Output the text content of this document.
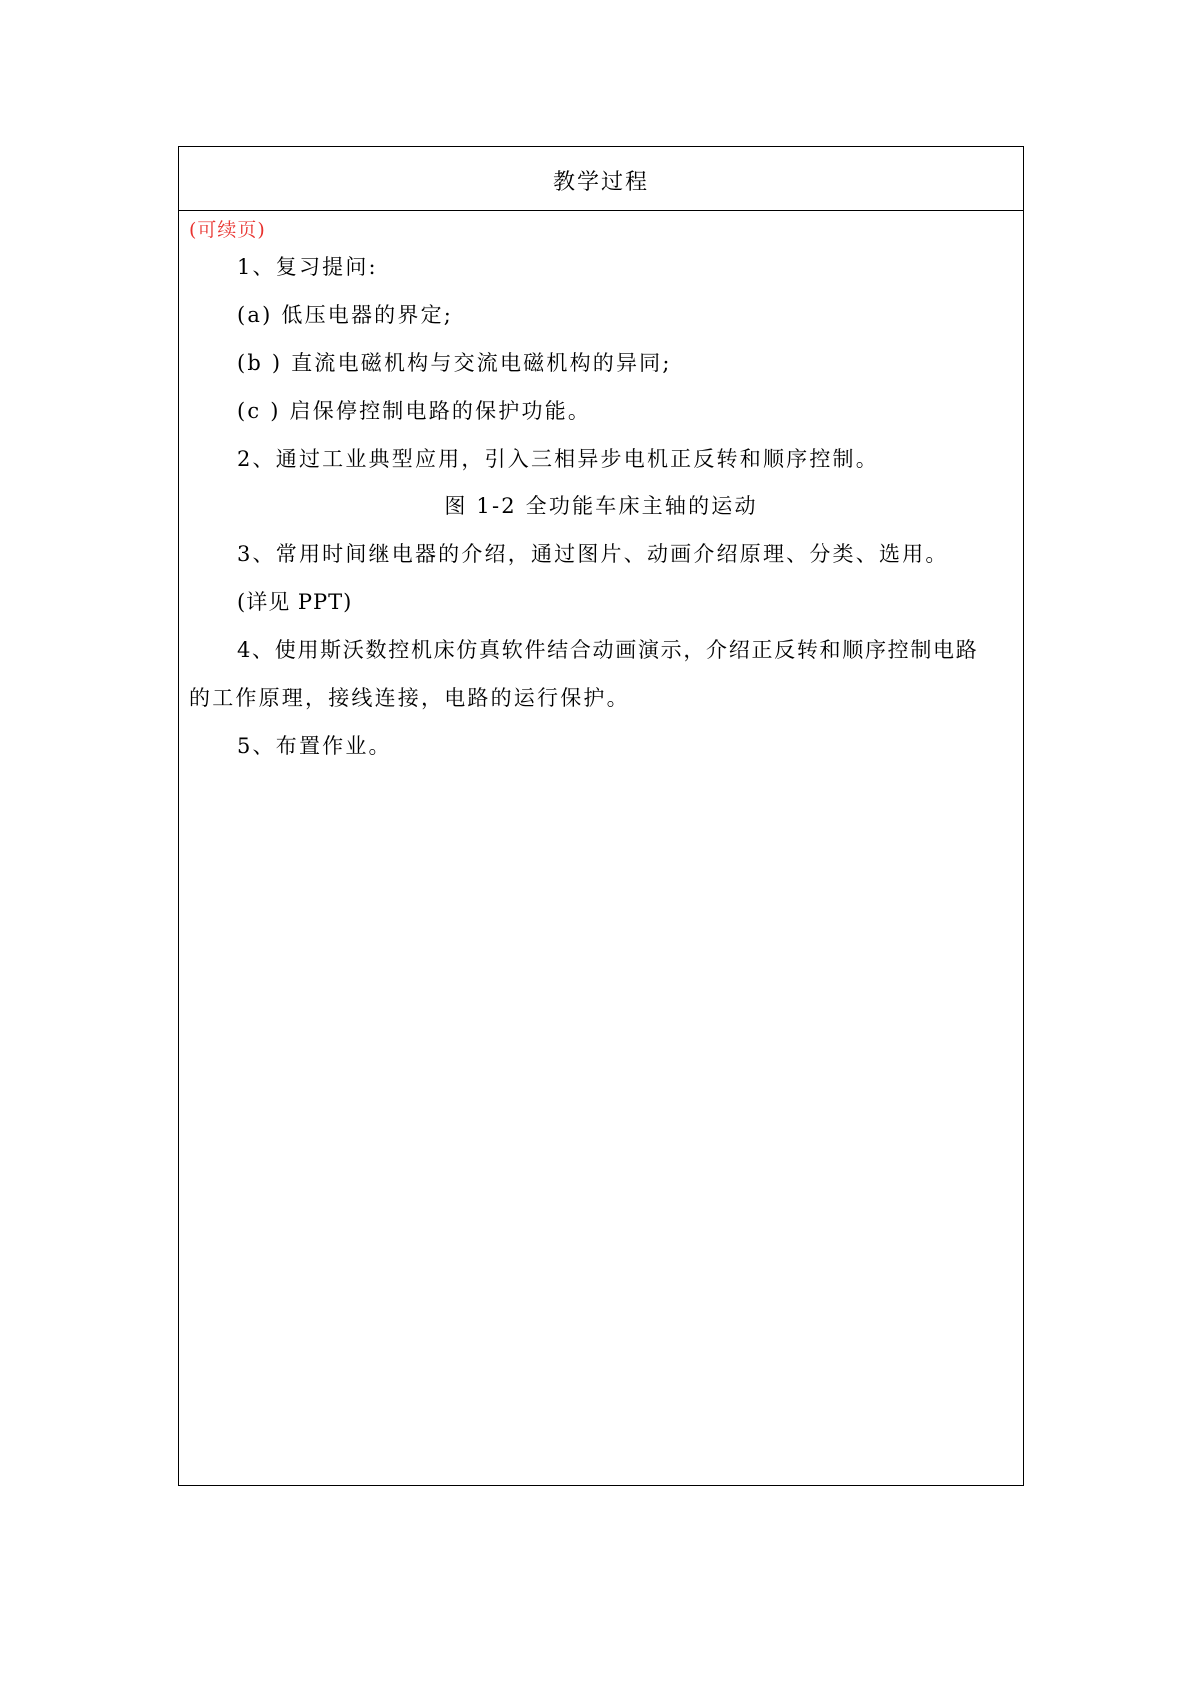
教学过程
(可续页)
1、复习提问:
(a) 低压电器的界定;
(b ) 直流电磁机构与交流电磁机构的异同;
(c ) 启保停控制电路的保护功能。
2、通过工业典型应用，引入三相异步电机正反转和顺序控制。
图 1-2 全功能车床主轴的运动
3、常用时间继电器的介绍，通过图片、动画介绍原理、分类、选用。
(详见 PPT)
4、使用斯沃数控机床仿真软件结合动画演示，介绍正反转和顺序控制电路
的工作原理，接线连接，电路的运行保护。
5、布置作业。
